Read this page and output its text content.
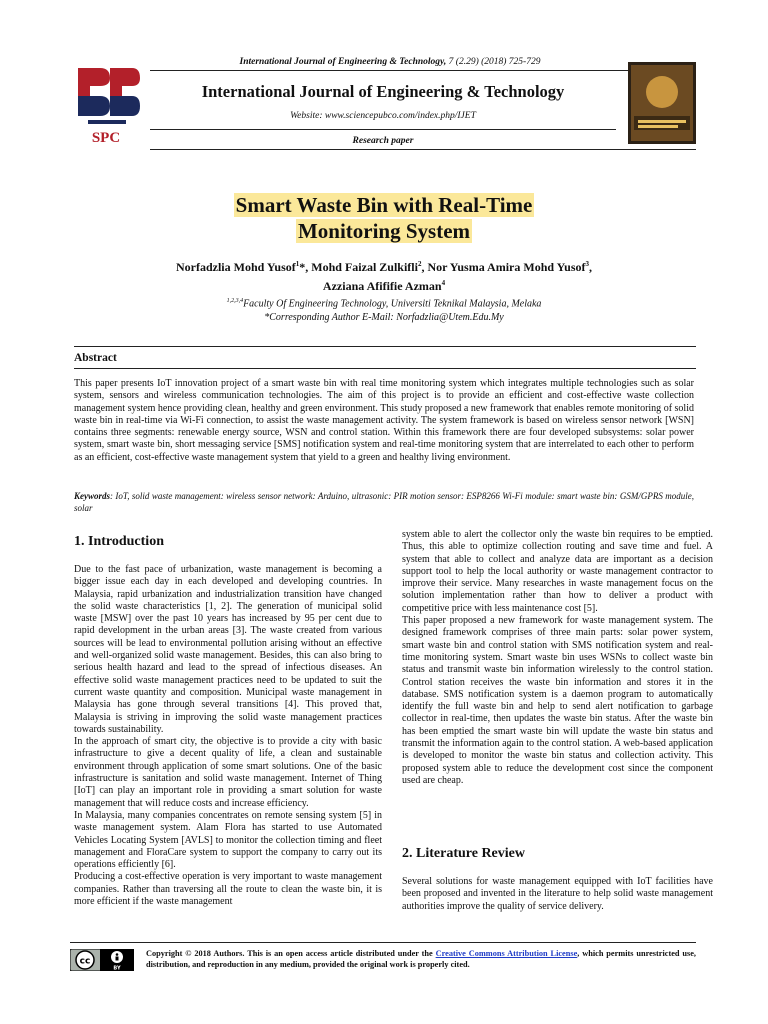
International Journal of Engineering & Technology, 7 (2.29) (2018) 725-729
SPC
International Journal of Engineering & Technology
Website: www.sciencepubco.com/index.php/IJET
Research paper
Smart Waste Bin with Real-Time
Monitoring System
Norfadzlia Mohd Yusof$^1$*, Mohd Faizal Zulkifli$^2$, Nor Yusma Amira Mohd Yusof$^3$,
Azziana Afififie Azman$^4$
$^{1,2,3,4}$Faculty Of Engineering Technology, Universiti Teknikal Malaysia, Melaka
*Corresponding Author E-Mail: Norfadzlia@Utem.Edu.My
Abstract
This paper presents IoT innovation project of a smart waste bin with real time monitoring system which integrates multiple technologies such as solar system, sensors and wireless communication technologies. The aim of this project is to provide an efficient and cost-effective waste collection management system hence providing clean, healthy and green environment. This study proposed a new framework that enables remote monitoring of solid waste bin in real-time via Wi-Fi connection, to assist the waste management activity. The system framework is based on wireless sensor network [WSN] contains three segments: renewable energy source, WSN and control station. Within this framework there are four developed subsystems: solar power system, smart waste bin, short messaging service [SMS] notification system and real-time monitoring system that are interrelated to each other to perform as an efficient, cost-effective waste management system that yield to a green and healthy living environment.
Keywords: IoT, solid waste management: wireless sensor network: Arduino, ultrasonic: PIR motion sensor: ESP8266 Wi-Fi module: smart waste bin: GSM/GPRS module, solar
1. Introduction

Due to the fast pace of urbanization, waste management is becoming a bigger issue each day in each developed and developing countries. In Malaysia, rapid urbanization and industrialization transition have changed the solid waste characteristics [1, 2]. The generation of municipal solid waste [MSW] over the past 10 years has increased by 95 per cent due to rapid development in the urban areas [3]. The waste created from various sources will be lead to environmental pollution arising without an effective and well-organized solid waste management. Besides, this can also bring to serious health hazard and lead to the spread of infectious diseases. An effective solid waste management practices need to be updated to suit the current waste quantity and composition. Municipal waste management in Malaysia has gone through several transitions [4]. This proved that, Malaysia is striving in improving the solid waste management practices towards sustainability.

In the approach of smart city, the objective is to provide a city with basic infrastructure to give a decent quality of life, a clean and sustainable environment through application of some smart solutions. One of the basic infrastructure is sanitation and solid waste management. Internet of Thing [IoT] can play an important role in providing a smart solution for waste management that will reduce costs and increase efficiency.

In Malaysia, many companies concentrates on remote sensing system [5] in waste management system. Alam Flora has started to use Automated Vehicles Locating System [AVLS] to monitor the collection timing and fleet management and FloraCare system to support the company to carry out its operations efficiently [6].

Producing a cost-effective operation is very important to waste management companies. Rather than traversing all the route to clean the waste bin, it is more efficient if the waste management

system able to alert the collector only the waste bin requires to be emptied. Thus, this able to optimize collection routing and save time and fuel. A system that able to collect and analyze data are important as a decision support tool to help the local authority or waste management contractor to improve their service. Many researches in waste management focus on the solution implementation rather than how to deliver a product with competitive price with less maintenance cost [5].

This paper proposed a new framework for waste management system. The designed framework comprises of three main parts: solar power system, smart waste bin and control station with SMS notification system and real-time monitoring system. Smart waste bin uses WSNs to collect waste bin status and transmit waste bin information wirelessly to the control station. Control station receives the waste bin information and stores it in the database. SMS notification system is a daemon program to automatically identify the full waste bin and help to send alert notification to garbage collector in real-time, then updates the waste bin status. After the waste bin has been emptied the smart waste bin will update the waste bin status and transmit the information again to the control station. A web-based application is developed to monitor the waste bin status and collection activity. This proposed system able to reduce the development cost since the component used are cheap.

2. Literature Review

Several solutions for waste management equipped with IoT facilities have been proposed and invented in the literature to help solid waste management authorities improve the quality of service delivery.

cc
BY
Copyright © 2018 Authors. This is an open access article distributed under the Creative Commons Attribution License, which permits unrestricted use, distribution, and reproduction in any medium, provided the original work is properly cited.
